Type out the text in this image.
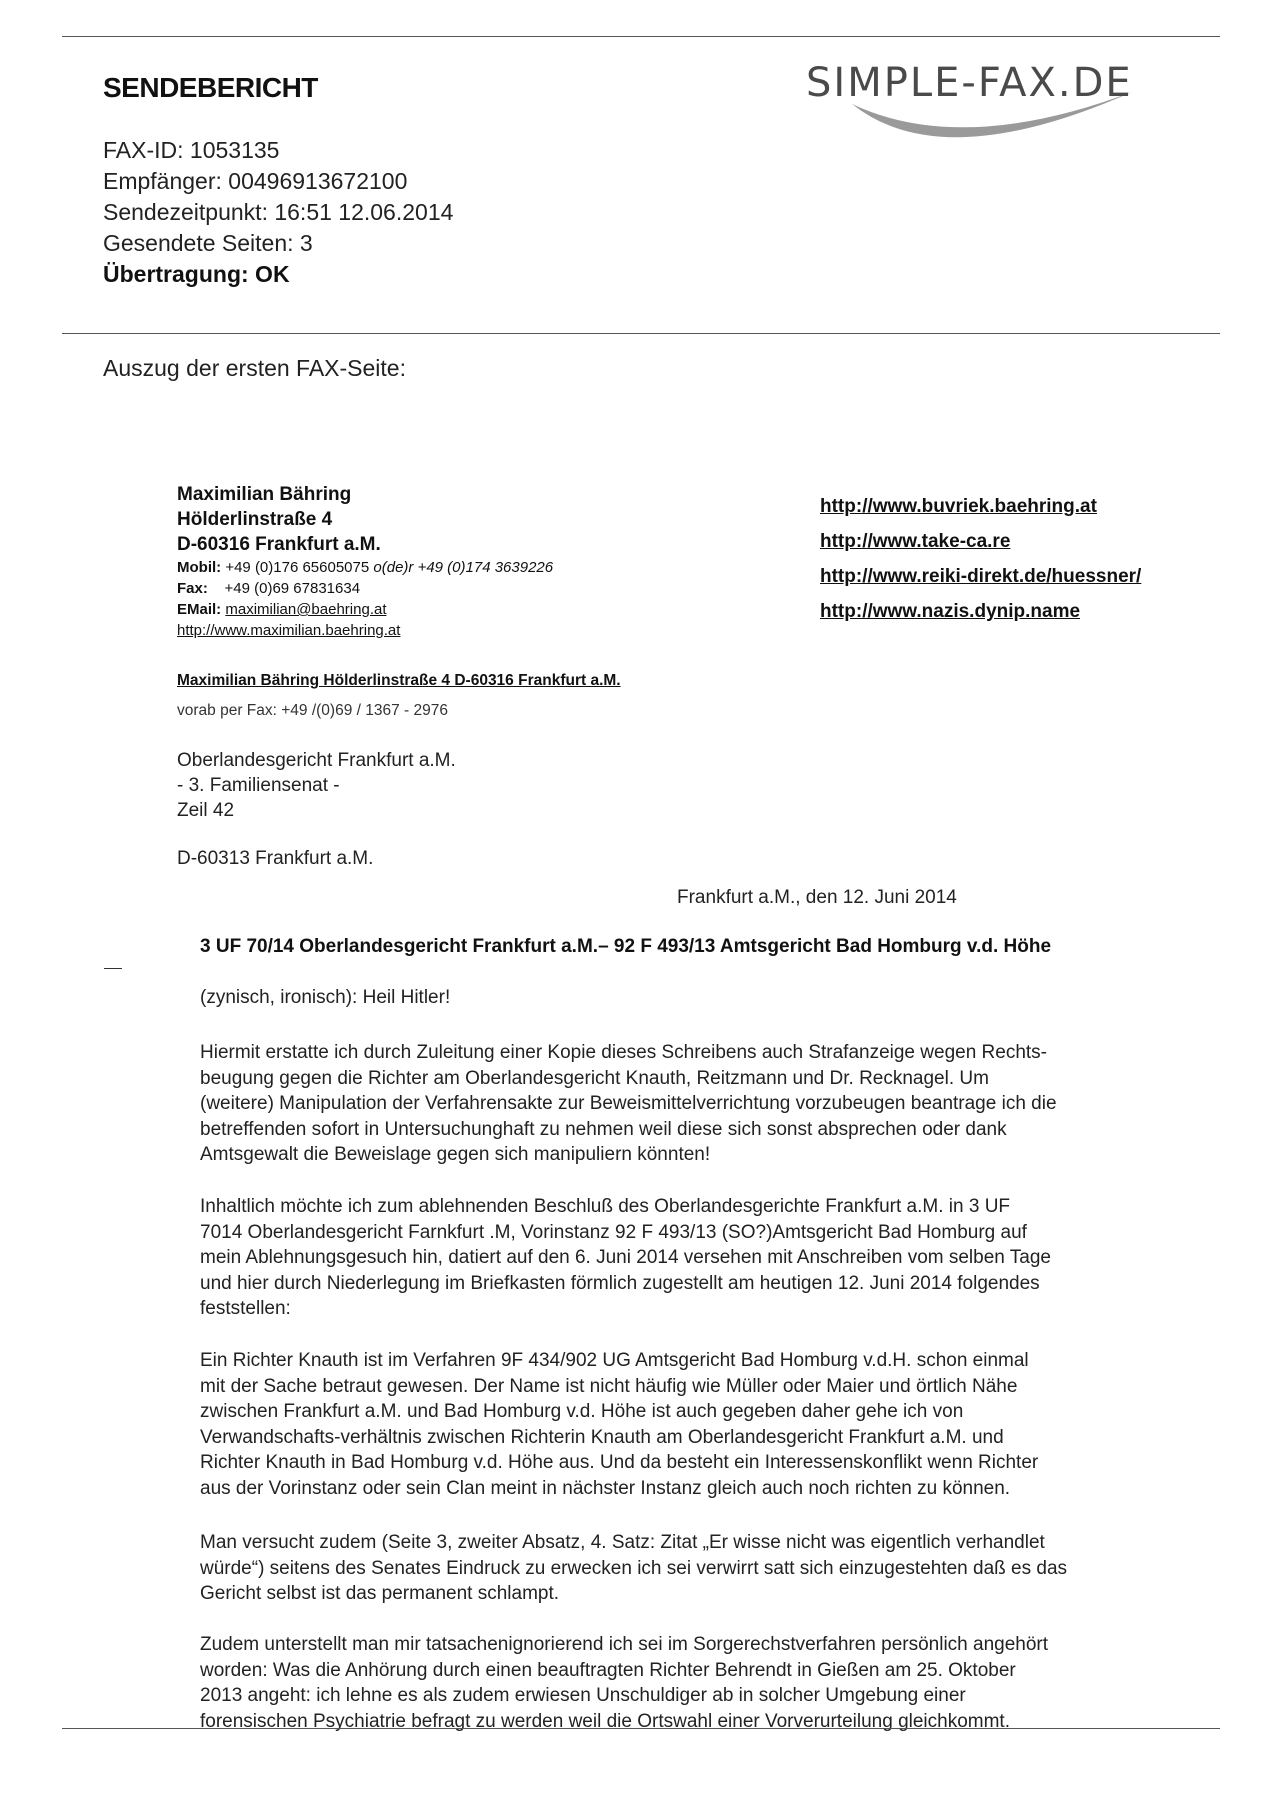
SENDEBERICHT	SIMPLE-FAX.DE
FAX-ID: 1053135
Empfänger: 00496913672100
Sendezeitpunkt: 16:51 12.06.2014
Gesendete Seiten: 3
Übertragung: OK
Auszug der ersten FAX-Seite:
Maximilian Bähring
Hölderlinstraße 4
D-60316 Frankfurt a.M.
Mobil: +49 (0)176 65605075 o(de)r +49 (0)174 3639226
Fax: +49 (0)69 67831634
EMail: maximilian@baehring.at
http://www.maximilian.baehring.at
http://www.buvriek.baehring.at
http://www.take-ca.re
http://www.reiki-direkt.de/huessner/
http://www.nazis.dynip.name
Maximilian Bähring Hölderlinstraße 4 D-60316 Frankfurt a.M.
vorab per Fax: +49 /(0)69 / 1367 - 2976
Oberlandesgericht Frankfurt a.M.
- 3. Familiensenat -
Zeil 42
D-60313 Frankfurt a.M.
Frankfurt a.M., den 12. Juni 2014
3 UF 70/14 Oberlandesgericht Frankfurt a.M.– 92 F 493/13 Amtsgericht Bad Homburg v.d. Höhe
(zynisch, ironisch): Heil Hitler!
Hiermit erstatte ich durch Zuleitung einer Kopie dieses Schreibens auch Strafanzeige wegen Rechts-
beugung gegen die Richter am Oberlandesgericht Knauth, Reitzmann und Dr. Recknagel. Um
(weitere) Manipulation der Verfahrensakte zur Beweismittelverrichtung vorzubeugen beantrage ich die
betreffenden sofort in Untersuchunghaft zu nehmen weil diese sich sonst absprechen oder dank
Amtsgewalt die Beweislage gegen sich manipuliern könnten!
Inhaltlich möchte ich zum ablehnenden Beschluß des Oberlandesgerichte Frankfurt a.M. in 3 UF
7014 Oberlandesgericht Farnkfurt .M, Vorinstanz 92 F 493/13 (SO?)Amtsgericht Bad Homburg auf
mein Ablehnungsgesuch hin, datiert auf den 6. Juni 2014 versehen mit Anschreiben vom selben Tage
und hier durch Niederlegung im Briefkasten förmlich zugestellt am heutigen 12. Juni 2014 folgendes
feststellen:
Ein Richter Knauth ist im Verfahren 9F 434/902 UG Amtsgericht Bad Homburg v.d.H. schon einmal
mit der Sache betraut gewesen. Der Name ist nicht häufig wie Müller oder Maier und örtlich Nähe
zwischen Frankfurt a.M. und Bad Homburg v.d. Höhe ist auch gegeben daher gehe ich von
Verwandschafts-verhältnis zwischen Richterin Knauth am Oberlandesgericht Frankfurt a.M. und
Richter Knauth in Bad Homburg v.d. Höhe aus. Und da besteht ein Interessenskonflikt wenn Richter
aus der Vorinstanz oder sein Clan meint in nächster Instanz gleich auch noch richten zu können.
Man versucht zudem (Seite 3, zweiter Absatz, 4. Satz: Zitat „Er wisse nicht was eigentlich verhandlet
würde“) seitens des Senates Eindruck zu erwecken ich sei verwirrt satt sich einzugestehten daß es das
Gericht selbst ist das permanent schlampt.
Zudem unterstellt man mir tatsachenignorierend ich sei im Sorgerechstverfahren persönlich angehört
worden: Was die Anhörung durch einen beauftragten Richter Behrendt in Gießen am 25. Oktober
2013 angeht: ich lehne es als zudem erwiesen Unschuldiger ab in solcher Umgebung einer
forensischen Psychiatrie befragt zu werden weil die Ortswahl einer Vorverurteilung gleichkommt.
